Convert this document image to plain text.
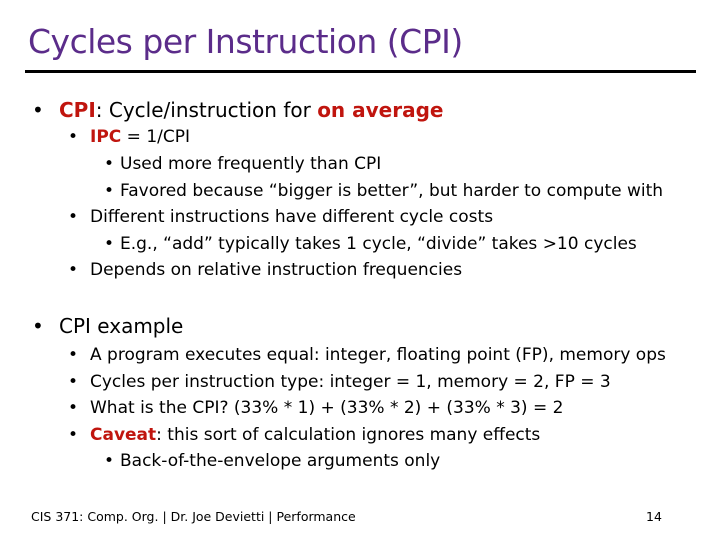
Cycles per Instruction (CPI)
• CPI: Cycle/instruction for on average
• IPC = 1/CPI
• Used more frequently than CPI
• Favored because “bigger is better”, but harder to compute with
• Different instructions have different cycle costs
• E.g., “add” typically takes 1 cycle, “divide” takes >10 cycles
• Depends on relative instruction frequencies
• CPI example
• A program executes equal: integer, floating point (FP), memory ops
• Cycles per instruction type: integer = 1, memory = 2, FP = 3
• What is the CPI? (33% * 1) + (33% * 2) + (33% * 3) = 2
• Caveat: this sort of calculation ignores many effects
• Back-of-the-envelope arguments only
CIS 371: Comp. Org. | Dr. Joe Devietti | Performance	14
